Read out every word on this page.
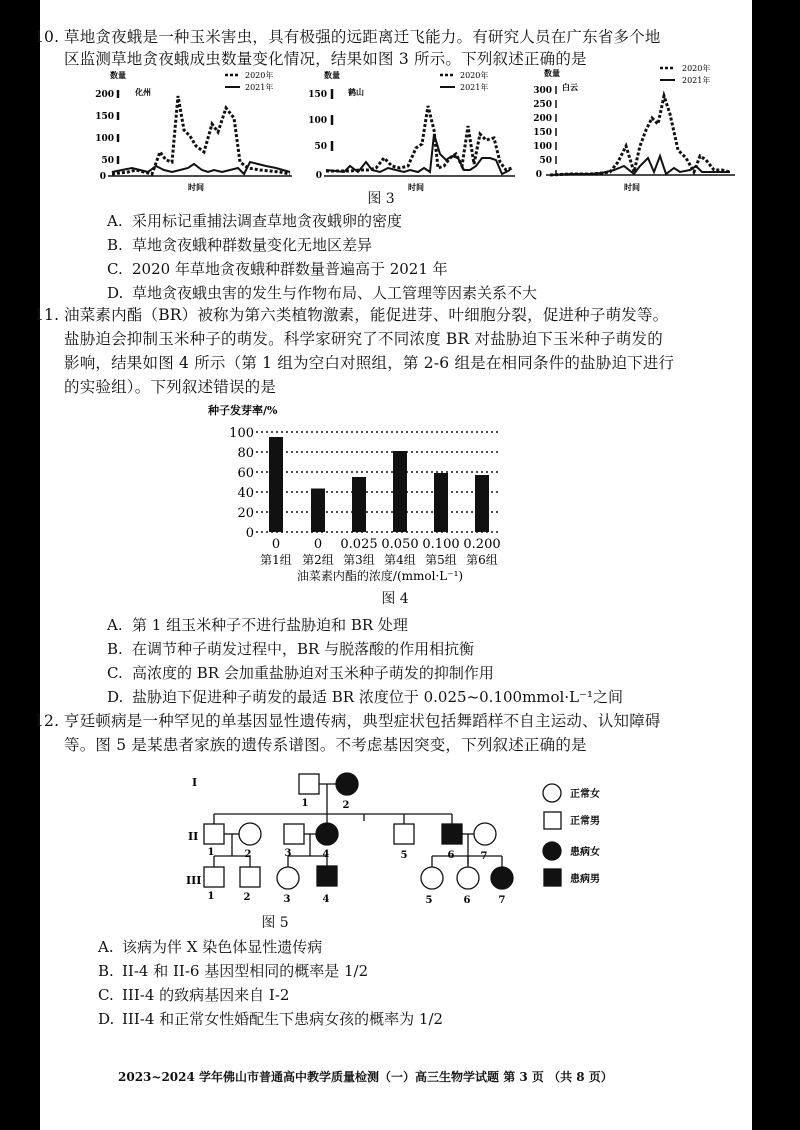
10. 草地贪夜蛾是一种玉米害虫，具有极强的远距离迁飞能力。有研究人员在广东省多个地
区监测草地贪夜蛾成虫数量变化情况，结果如图 3 所示。下列叙述正确的是
数量
化州
2020年
2021年
200
150
100
50
0
时间
数量
鹤山
2020年
2021年
150
100
50
0
时间
数量
白云
2020年
2021年
300
250
200
150
100
50
0
时间
图 3
A. 采用标记重捕法调查草地贪夜蛾卵的密度
B. 草地贪夜蛾种群数量变化无地区差异
C. 2020 年草地贪夜蛾种群数量普遍高于 2021 年
D. 草地贪夜蛾虫害的发生与作物布局、人工管理等因素关系不大
11. 油菜素内酯（BR）被称为第六类植物激素，能促进芽、叶细胞分裂，促进种子萌发等。
盐胁迫会抑制玉米种子的萌发。科学家研究了不同浓度 BR 对盐胁迫下玉米种子萌发的
影响，结果如图 4 所示（第 1 组为空白对照组，第 2-6 组是在相同条件的盐胁迫下进行
的实验组）。下列叙述错误的是
种子发芽率/%
100
80
60
40
20
0
0	0 0.025 0.050 0.100 0.200
第1组 第2组 第3组 第4组 第5组 第6组
油菜素内酯的浓度/(mmol·L⁻¹)
图 4
A. 第 1 组玉米种子不进行盐胁迫和 BR 处理
B. 在调节种子萌发过程中，BR 与脱落酸的作用相抗衡
C. 高浓度的 BR 会加重盐胁迫对玉米种子萌发的抑制作用
D. 盐胁迫下促进种子萌发的最适 BR 浓度位于 0.025~0.100mmol·L⁻¹之间
12. 亨廷顿病是一种罕见的单基因显性遗传病，典型症状包括舞蹈样不自主运动、认知障碍
等。图 5 是某患者家族的遗传系谱图。不考虑基因突变，下列叙述正确的是
I
II
III
1	2
1	2	3	4	5	6	7
1	2	3	4	5	6	7
正常女
正常男
患病女
患病男
图 5
A. 该病为伴 X 染色体显性遗传病
B. II-4 和 II-6 基因型相同的概率是 1/2
C. III-4 的致病基因来自 I-2
D. III-4 和正常女性婚配生下患病女孩的概率为 1/2
2023~2024 学年佛山市普通高中教学质量检测（一）高三生物学试题 第 3 页 （共 8 页）
